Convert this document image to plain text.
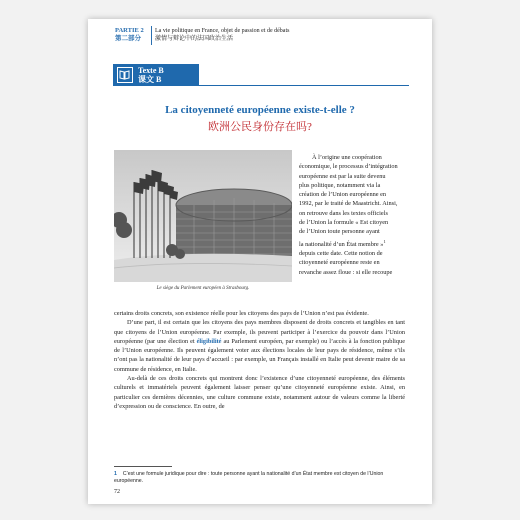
PARTIE 2
第二部分
La vie politique en France, objet de passion et de débats
激情与辩论中的法国政治生活
Texte B
课文 B
La citoyenneté européenne existe-t-elle ?
欧洲公民身份存在吗?
Le siège du Parlement européen à Strasbourg.

À l’origine une coopération

économique, le processus d’intégration

européenne est par la suite devenu

plus politique, notamment via la

création de l’Union européenne en

1992, par le traité de Maastricht. Ainsi,

on retrouve dans les textes officiels

de l’Union la formule « Est citoyen

de l’Union toute personne ayant

la nationalité d’un État membre »$^1$

depuis cette date. Cette notion de

citoyenneté européenne reste en

revanche assez floue : si elle recoupe

certains droits concrets, son existence réelle pour les citoyens des pays de l’Union n’est pas évidente.

D’une part, il est certain que les citoyens des pays membres disposent de droits concrets et tangibles en tant que citoyens de l’Union européenne. Par exemple, ils peuvent participer à l’exercice du pouvoir dans l’Union européenne (par une élection et éligibilité au Parlement européen, par exemple) ou l’accès à la fonction publique de l’Union européenne. Ils peuvent également voter aux élections locales de leur pays de résidence, même s’ils n’ont pas la nationalité de leur pays d’accueil : par exemple, un Français installé en Italie peut devenir maire de sa commune de résidence, en Italie.

Au-delà de ces droits concrets qui montrent donc l’existence d’une citoyenneté européenne, des éléments culturels et immatériels peuvent également laisser penser qu’une citoyenneté européenne existe. Ainsi, en particulier ces dernières décennies, une culture commune existe, notamment autour de valeurs comme la liberté d’expression ou de conscience. En outre, de

1 C’est une formule juridique pour dire : toute personne ayant la nationalité d’un État membre est citoyen de l’Union européenne.
72
